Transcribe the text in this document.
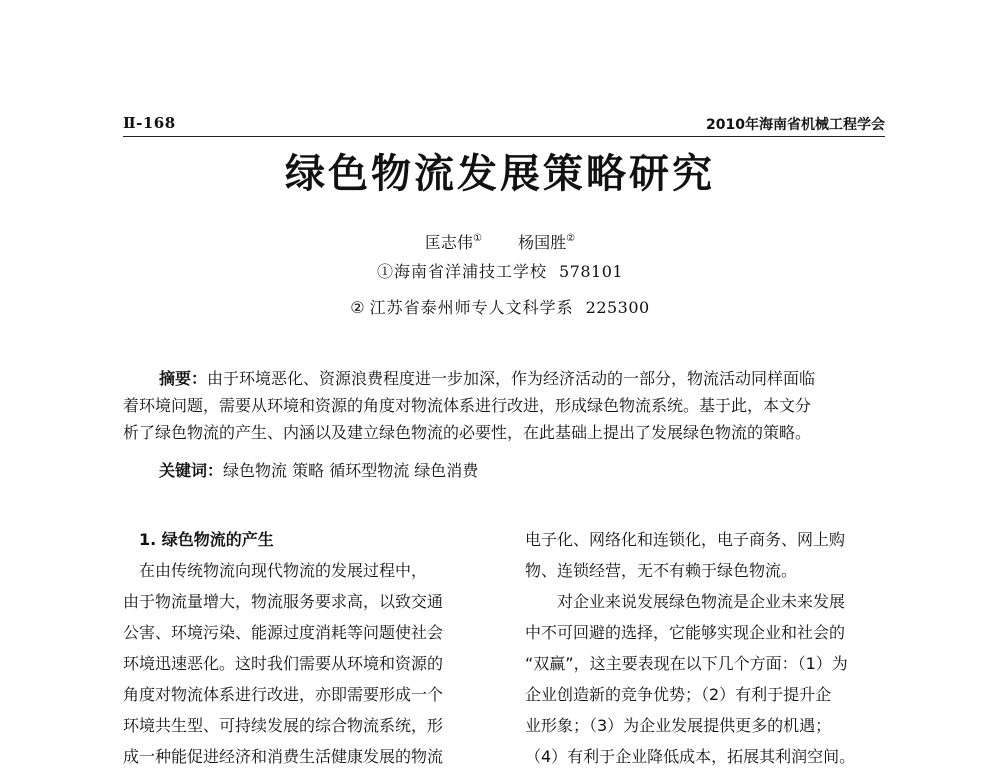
Ⅱ-168	2010年海南省机械工程学会
绿色物流发展策略研究
匡志伟① 杨国胜②
①海南省洋浦技工学校 578101
② 江苏省泰州师专人文科学系 225300
摘要：由于环境恶化、资源浪费程度进一步加深，作为经济活动的一部分，物流活动同样面临
着环境问题，需要从环境和资源的角度对物流体系进行改进，形成绿色物流系统。基于此，本文分
析了绿色物流的产生、内涵以及建立绿色物流的必要性，在此基础上提出了发展绿色物流的策略。
关键词：绿色物流 策略 循环型物流 绿色消费
1. 绿色物流的产生
在由传统物流向现代物流的发展过程中，
由于物流量增大，物流服务要求高，以致交通
公害、环境污染、能源过度消耗等问题使社会
环境迅速恶化。这时我们需要从环境和资源的
角度对物流体系进行改进，亦即需要形成一个
环境共生型、可持续发展的综合物流系统，形
成一种能促进经济和消费生活健康发展的物流
电子化、网络化和连锁化，电子商务、网上购
物、连锁经营，无不有赖于绿色物流。
对企业来说发展绿色物流是企业未来发展
中不可回避的选择，它能够实现企业和社会的
“双赢”，这主要表现在以下几个方面：（1）为
企业创造新的竞争优势；（2）有利于提升企
业形象；（3）为企业发展提供更多的机遇；
（4）有利于企业降低成本，拓展其利润空间。
